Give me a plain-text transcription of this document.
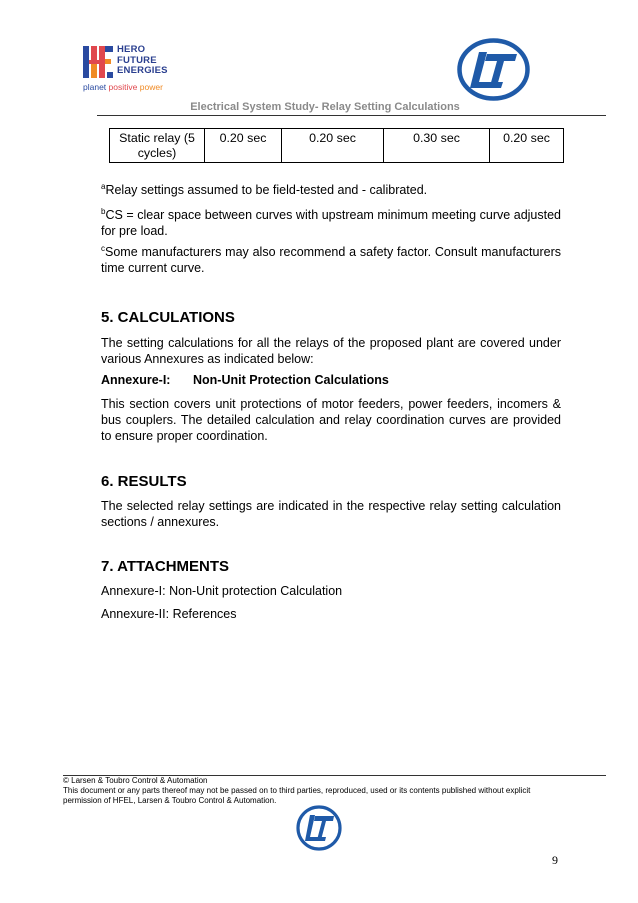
HERO
FUTURE
ENERGIES
planet positive power
Electrical System Study- Relay Setting Calculations
Static relay (5 cycles)	0.20 sec	0.20 sec	0.30 sec	0.20 sec
$^a$Relay settings assumed to be field-tested and - calibrated.
$^b$CS = clear space between curves with upstream minimum meeting curve adjusted for pre load.
$^c$Some manufacturers may also recommend a safety factor. Consult manufacturers time current curve.
5. CALCULATIONS
The setting calculations for all the relays of the proposed plant are covered under various Annexures as indicated below:
Annexure-I: Non-Unit Protection Calculations
This section covers unit protections of motor feeders, power feeders, incomers & bus couplers. The detailed calculation and relay coordination curves are provided to ensure proper coordination.
6. RESULTS
The selected relay settings are indicated in the respective relay setting calculation sections / annexures.
7. ATTACHMENTS
Annexure-I: Non-Unit protection Calculation
Annexure-II: References
© Larsen & Toubro Control & Automation
This document or any parts thereof may not be passed on to third parties, reproduced, used or its contents published without explicit permission of HFEL, Larsen & Toubro Control & Automation.
9
